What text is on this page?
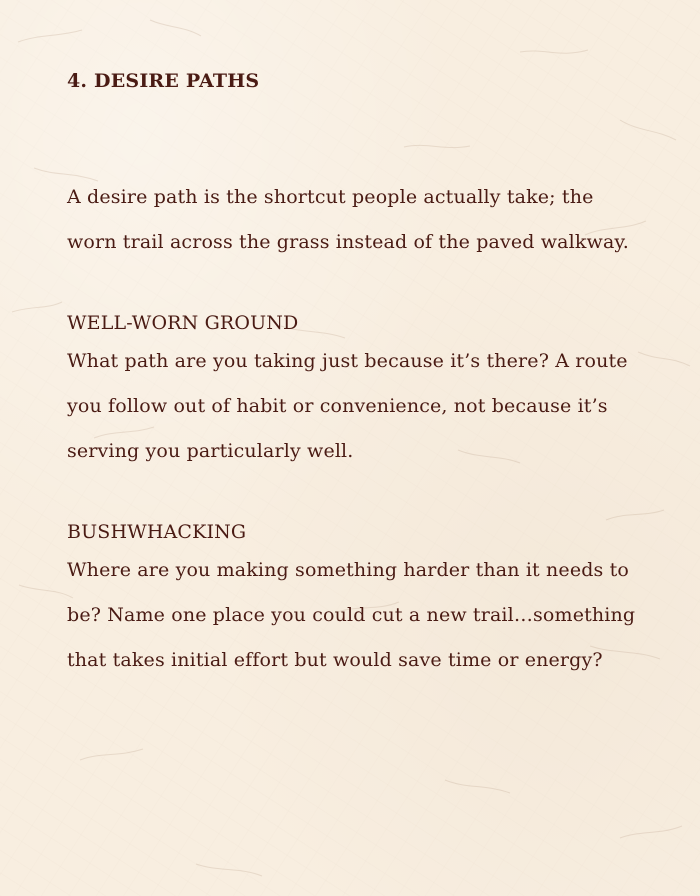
4. DESIRE PATHS

A desire path is the shortcut people actually take; the worn trail across the grass instead of the paved walkway.

WELL-WORN GROUND

What path are you taking just because it’s there? A route you follow out of habit or convenience, not because it’s serving you particularly well.

BUSHWHACKING

Where are you making something harder than it needs to be? Name one place you could cut a new trail…something that takes initial effort but would save time or energy?
